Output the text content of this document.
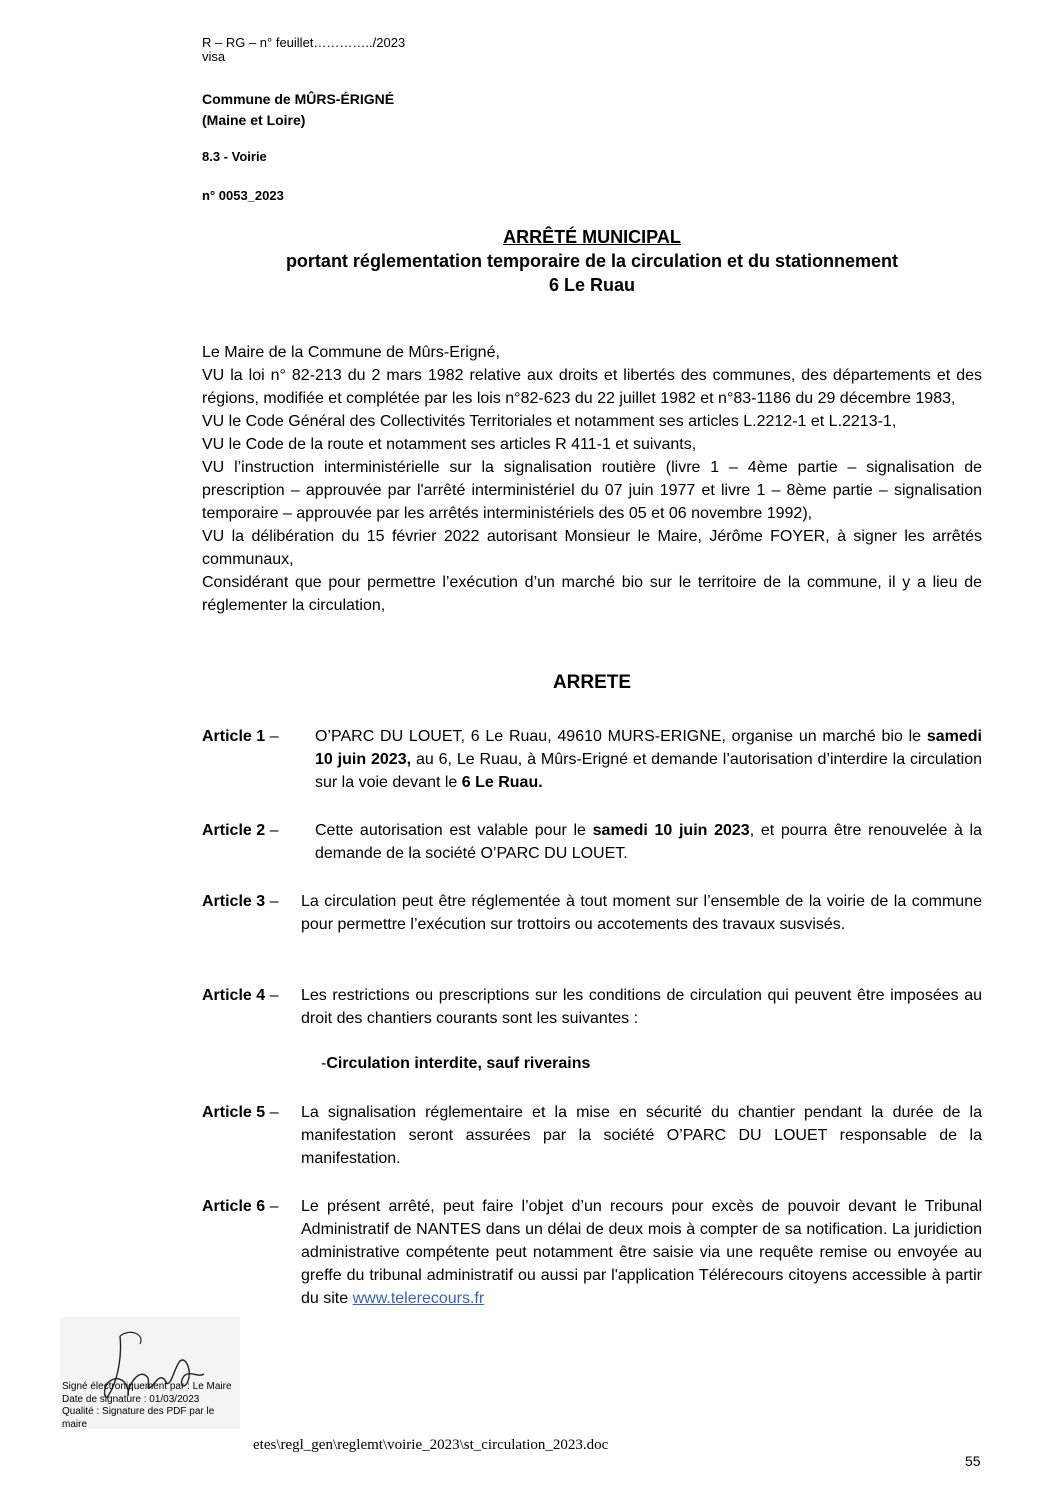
R – RG – n° feuillet…………../2023
visa
Commune de MÛRS-ÉRIGNÉ
(Maine et Loire)
8.3 - Voirie
n° 0053_2023
ARRÊTÉ MUNICIPAL
portant réglementation temporaire de la circulation et du stationnement
6 Le Ruau

Le Maire de la Commune de Mûrs-Erigné,

VU la loi n° 82-213 du 2 mars 1982 relative aux droits et libertés des communes, des départements et des régions, modifiée et complétée par les lois n°82-623 du 22 juillet 1982 et n°83-1186 du 29 décembre 1983,

VU le Code Général des Collectivités Territoriales et notamment ses articles L.2212-1 et L.2213-1,

VU le Code de la route et notamment ses articles R 411-1 et suivants,

VU l’instruction interministérielle sur la signalisation routière (livre 1 – 4ème partie – signalisation de prescription – approuvée par l'arrêté interministériel du 07 juin 1977 et livre 1 – 8ème partie – signalisation temporaire – approuvée par les arrêtés interministériels des 05 et 06 novembre 1992),

VU la délibération du 15 février 2022 autorisant Monsieur le Maire, Jérôme FOYER, à signer les arrêtés communaux,

Considérant que pour permettre l’exécution d’un marché bio sur le territoire de la commune, il y a lieu de réglementer la circulation,

ARRETE
Article 1 – O’PARC DU LOUET, 6 Le Ruau, 49610 MURS-ERIGNE, organise un marché bio le samedi 10 juin 2023, au 6, Le Ruau, à Mûrs-Erigné et demande l’autorisation d’interdire la circulation sur la voie devant le 6 Le Ruau.
Article 2 – Cette autorisation est valable pour le samedi 10 juin 2023, et pourra être renouvelée à la demande de la société O’PARC DU LOUET.
Article 3 – La circulation peut être réglementée à tout moment sur l’ensemble de la voirie de la commune pour permettre l’exécution sur trottoirs ou accotements des travaux susvisés.
Article 4 – Les restrictions ou prescriptions sur les conditions de circulation qui peuvent être imposées au droit des chantiers courants sont les suivantes :
-Circulation interdite, sauf riverains
Article 5 – La signalisation réglementaire et la mise en sécurité du chantier pendant la durée de la manifestation seront assurées par la société O’PARC DU LOUET responsable de la manifestation.
Article 6 – Le présent arrêté, peut faire l’objet d’un recours pour excès de pouvoir devant le Tribunal Administratif de NANTES dans un délai de deux mois à compter de sa notification. La juridiction administrative compétente peut notamment être saisie via une requête remise ou envoyée au greffe du tribunal administratif ou aussi par l'application Télérecours citoyens accessible à partir du site www.telerecours.fr
Signé électroniquement par : Le Maire
Date de signature : 01/03/2023
Qualité : Signature des PDF par le maire
etes\regl_gen\reglemt\voirie_2023\st_circulation_2023.doc
55
